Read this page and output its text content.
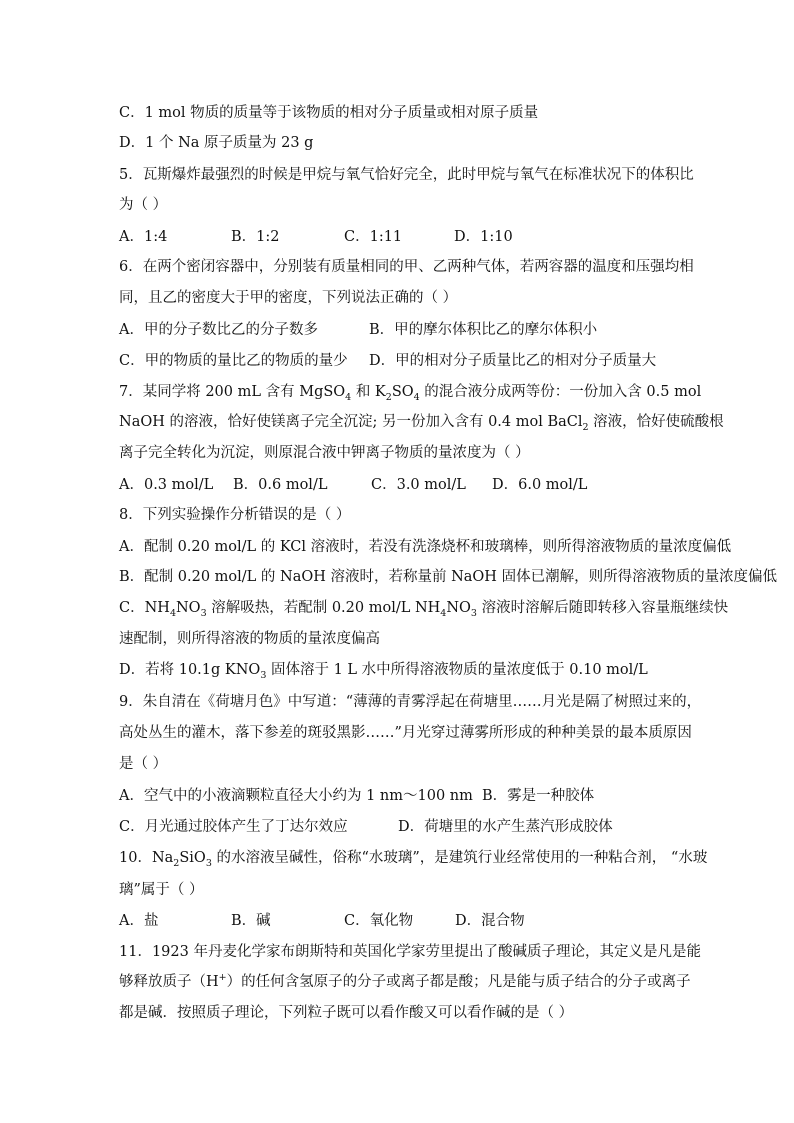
C．1 mol 物质的质量等于该物质的相对分子质量或相对原子质量
D．1 个 Na 原子质量为 23 g
5．瓦斯爆炸最强烈的时候是甲烷与氧气恰好完全，此时甲烷与氧气在标准状况下的体积比
为（ ）
A．1:4	B．1:2	C．1:11	D．1:10
6．在两个密闭容器中，分别装有质量相同的甲、乙两种气体，若两容器的温度和压强均相
同，且乙的密度大于甲的密度，下列说法正确的（ ）
A．甲的分子数比乙的分子数多	B．甲的摩尔体积比乙的摩尔体积小
C．甲的物质的量比乙的物质的量少 D．甲的相对分子质量比乙的相对分子质量大
7．某同学将 200 mL 含有 MgSO$_4$ 和 $K_2SO_4$ 的混合液分成两等份：一份加入含 0.5 mol
NaOH 的溶液，恰好使镁离子完全沉淀; 另一份加入含有 0.4 mol BaCl$_2$ 溶液，恰好使硫酸根
离子完全转化为沉淀，则原混合液中钾离子物质的量浓度为（ ）
A．0.3 mol/L B．0.6 mol/L	C．3.0 mol/L D．6.0 mol/L
8．下列实验操作分析错误的是（ ）
A．配制 0.20 mol/L 的 KCl 溶液时，若没有洗涤烧杯和玻璃棒，则所得溶液物质的量浓度偏低
B．配制 0.20 mol/L 的 NaOH 溶液时，若称量前 NaOH 固体已潮解，则所得溶液物质的量浓度偏低
C．$NH_4NO_3$ 溶解吸热，若配制 0.20 mol/L $NH_4NO_3$ 溶液时溶解后随即转移入容量瓶继续快
速配制，则所得溶液的物质的量浓度偏高
D．若将 10.1g $KNO_3$ 固体溶于 1 L 水中所得溶液物质的量浓度低于 0.10 mol/L
9．朱自清在《荷塘月色》中写道：“薄薄的青雾浮起在荷塘里……月光是隔了树照过来的，
高处丛生的灌木，落下参差的斑驳黑影……”月光穿过薄雾所形成的种种美景的最本质原因
是（ ）
A．空气中的小液滴颗粒直径大小约为 1 nm～100 nm B．雾是一种胶体
C．月光通过胶体产生了丁达尔效应	D．荷塘里的水产生蒸汽形成胶体
10．$Na_2SiO_3$ 的水溶液呈碱性，俗称“水玻璃”，是建筑行业经常使用的一种粘合剂， “水玻
璃”属于（ ）
A．盐	B．碱	C．氧化物	D．混合物
11．1923 年丹麦化学家布朗斯特和英国化学家劳里提出了酸碱质子理论，其定义是凡是能
够释放质子（H+）的任何含氢原子的分子或离子都是酸；凡是能与质子结合的分子或离子
都是碱．按照质子理论，下列粒子既可以看作酸又可以看作碱的是（ ）
